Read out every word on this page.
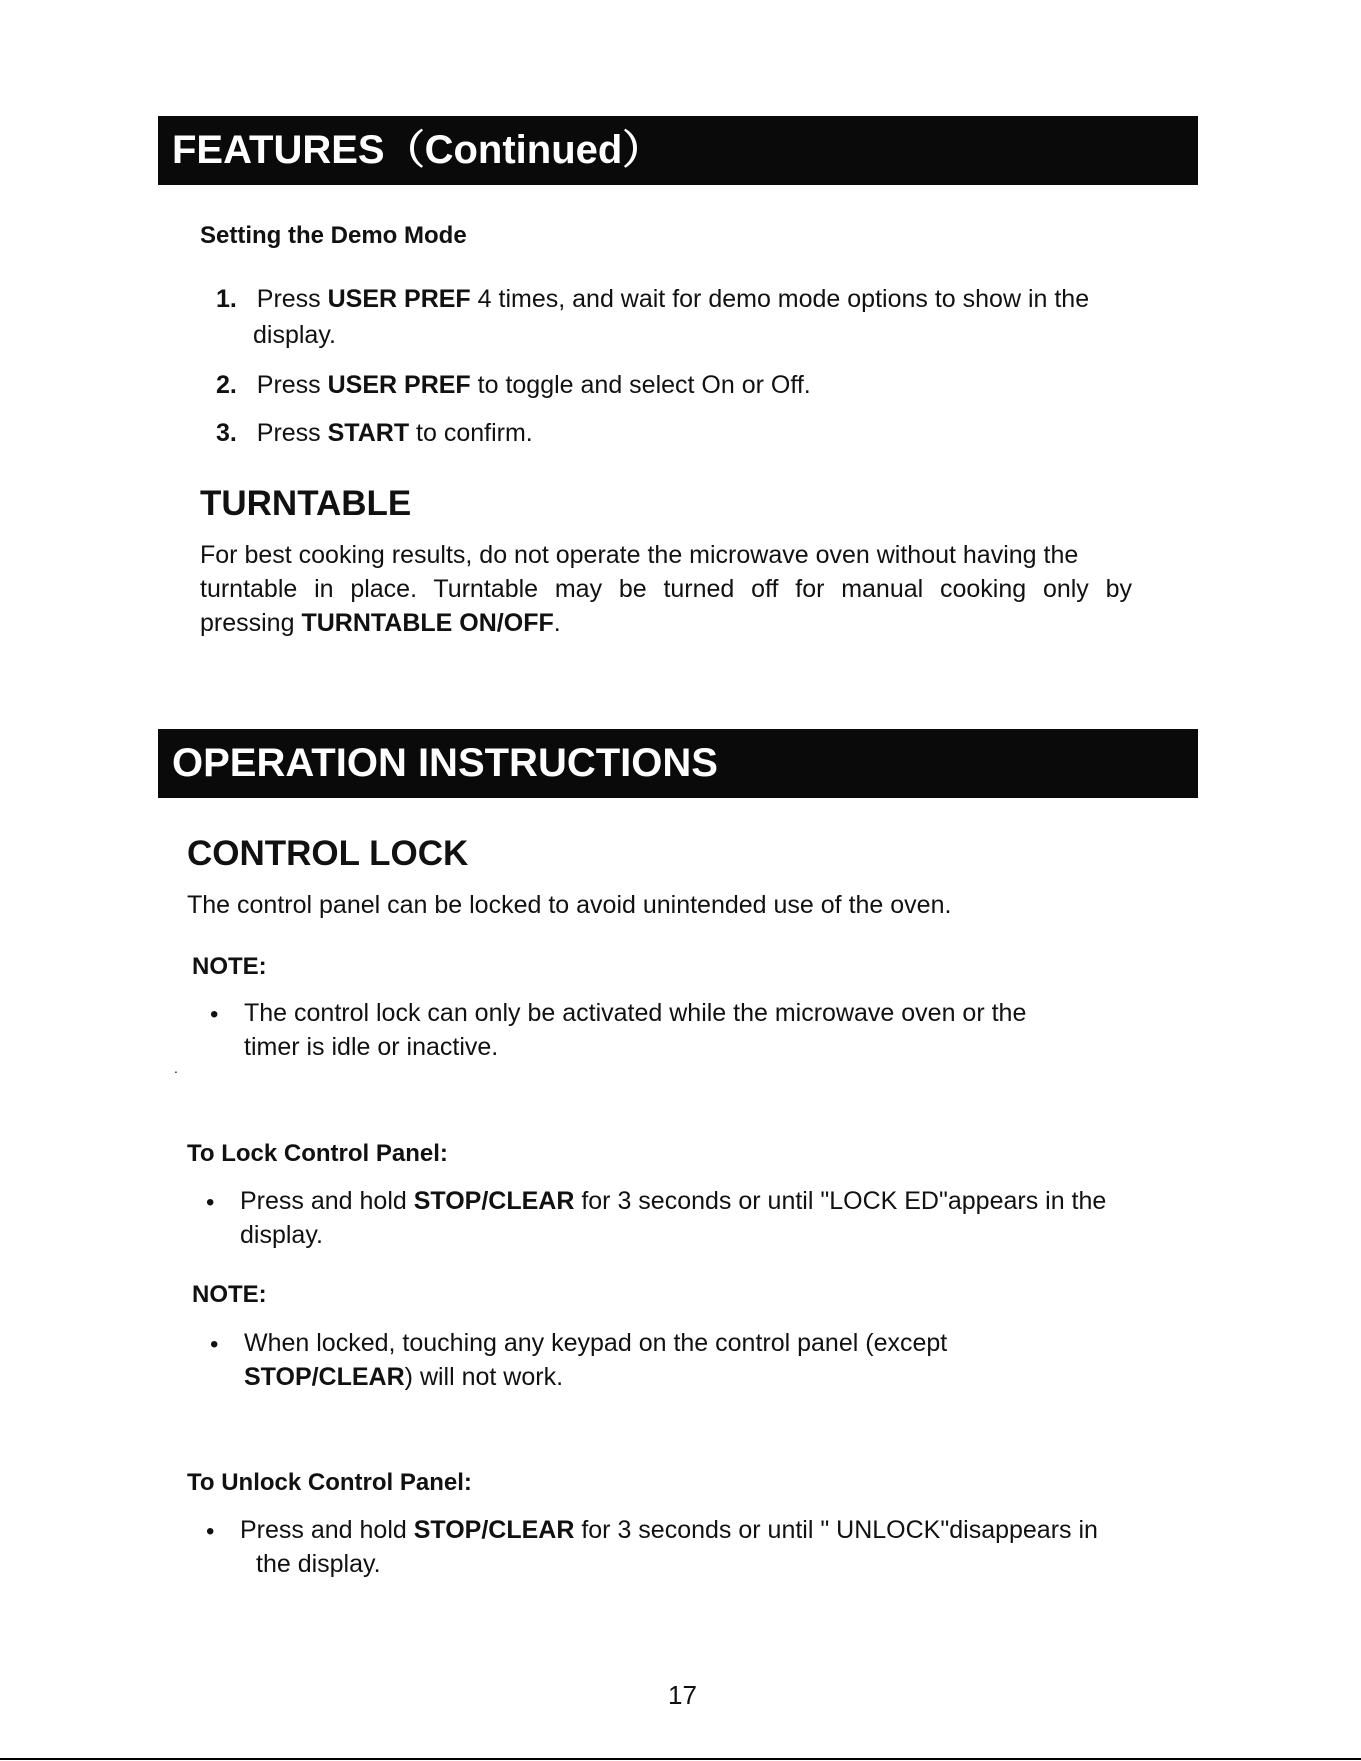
FEATURES（Continued）
Setting the Demo Mode
1. Press USER PREF 4 times, and wait for demo mode options to show in the
display.
2. Press USER PREF to toggle and select On or Off.
3. Press START to confirm.
TURNTABLE
For best cooking results, do not operate the microwave oven without having the
turntable in place. Turntable may be turned off for manual cooking only by
pressing TURNTABLE ON/OFF.
OPERATION INSTRUCTIONS
CONTROL LOCK
The control panel can be locked to avoid unintended use of the oven.
NOTE:
• The control lock can only be activated while the microwave oven or the
timer is idle or inactive.
.
To Lock Control Panel:
• Press and hold STOP/CLEAR for 3 seconds or until "LOCK ED"appears in the
display.
NOTE:
• When locked, touching any keypad on the control panel (except
STOP/CLEAR) will not work.
To Unlock Control Panel:
• Press and hold STOP/CLEAR for 3 seconds or until " UNLOCK"disappears in
the display.
17
